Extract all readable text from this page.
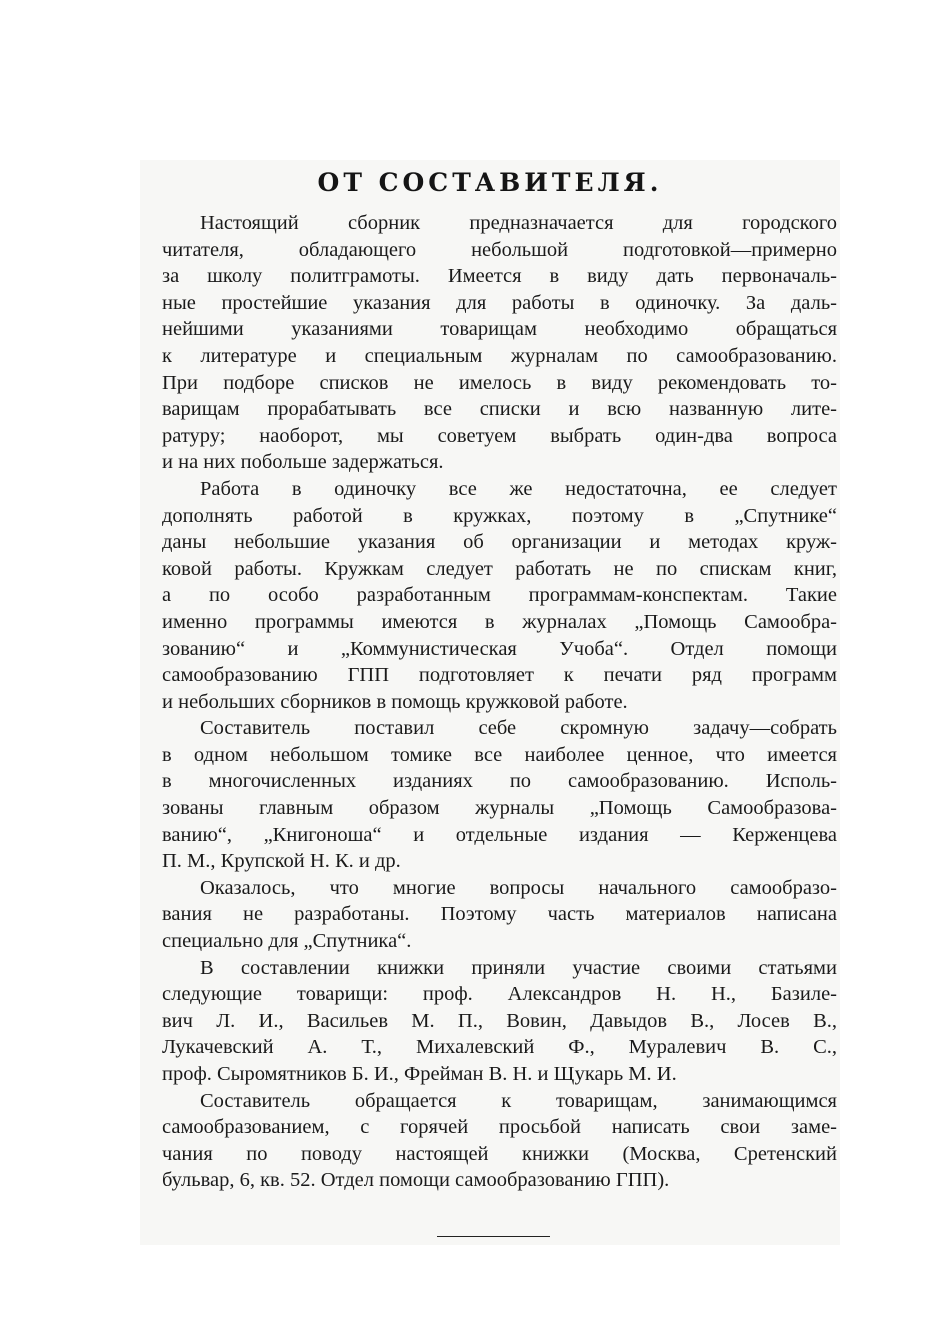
ОТ СОСТАВИТЕЛЯ.
Настоящий сборник предназначается для городского
читателя, обладающего небольшой подготовкой—примерно
за школу политграмоты. Имеется в виду дать первоначаль-
ные простейшие указания для работы в одиночку. За даль-
нейшими указаниями товарищам необходимо обращаться
к литературе и специальным журналам по самообразованию.
При подборе списков не имелось в виду рекомендовать то-
варищам прорабатывать все списки и всю названную лите-
ратуру; наоборот, мы советуем выбрать один-два вопроса
и на них побольше задержаться.
Работа в одиночку все же недостаточна, ее следует
дополнять работой в кружках, поэтому в „Спутнике“
даны небольшие указания об организации и методах круж-
ковой работы. Кружкам следует работать не по спискам книг,
а по особо разработанным программам-конспектам. Такие
именно программы имеются в журналах „Помощь Самообра-
зованию“ и „Коммунистическая Учоба“. Отдел помощи
самообразованию ГПП подготовляет к печати ряд программ
и небольших сборников в помощь кружковой работе.
Составитель поставил себе скромную задачу—собрать
в одном небольшом томике все наиболее ценное, что имеется
в многочисленных изданиях по самообразованию. Исполь-
зованы главным образом журналы „Помощь Самообразова-
ванию“, „Книгоноша“ и отдельные издания — Керженцева
П. М., Крупской Н. К. и др.
Оказалось, что многие вопросы начального самообразо-
вания не разработаны. Поэтому часть материалов написана
специально для „Спутника“.
В составлении книжки приняли участие своими статьями
следующие товарищи: проф. Александров Н. Н., Базиле-
вич Л. И., Васильев М. П., Вовин, Давыдов В., Лосев В.,
Лукачевский А. Т., Михалевский Ф., Муралевич В. С.,
проф. Сыромятников Б. И., Фрейман В. Н. и Щукарь М. И.
Составитель обращается к товарищам, занимающимся
самообразованием, с горячей просьбой написать свои заме-
чания по поводу настоящей книжки (Москва, Сретенский
бульвар, 6, кв. 52. Отдел помощи самообразованию ГПП).
